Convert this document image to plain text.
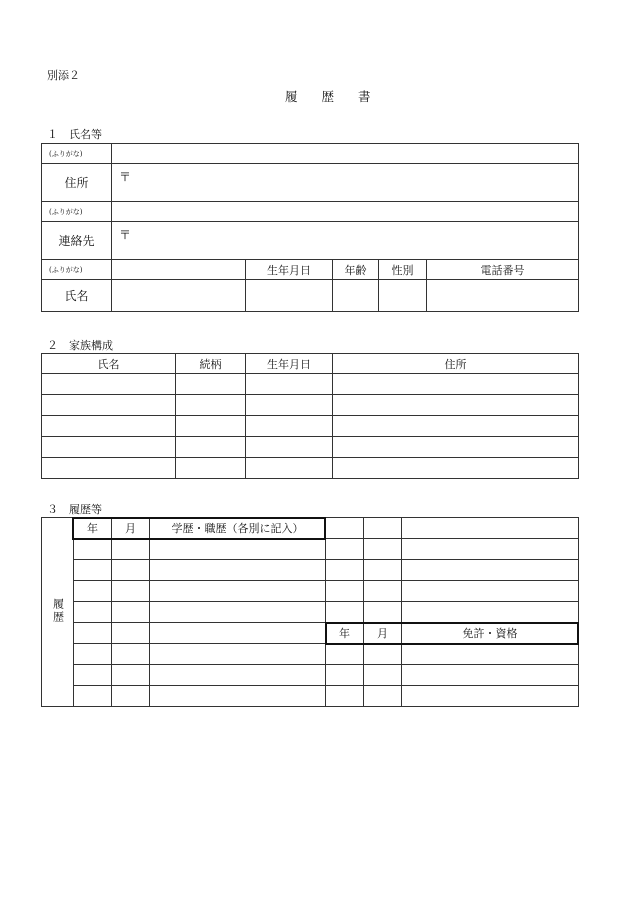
別添２
履 歴 書
１　氏名等
(ふりがな)					
住所	〒				
(ふりがな)					
連絡先	〒				
(ふりがな)		生年月日	年齢	性別	電話番号
氏名					
２　家族構成
氏名	続柄	生年月日	住所

３　履歴等
履歴	年	月	学歴・職歴（各別に記入）			

				年	月	免許・資格
